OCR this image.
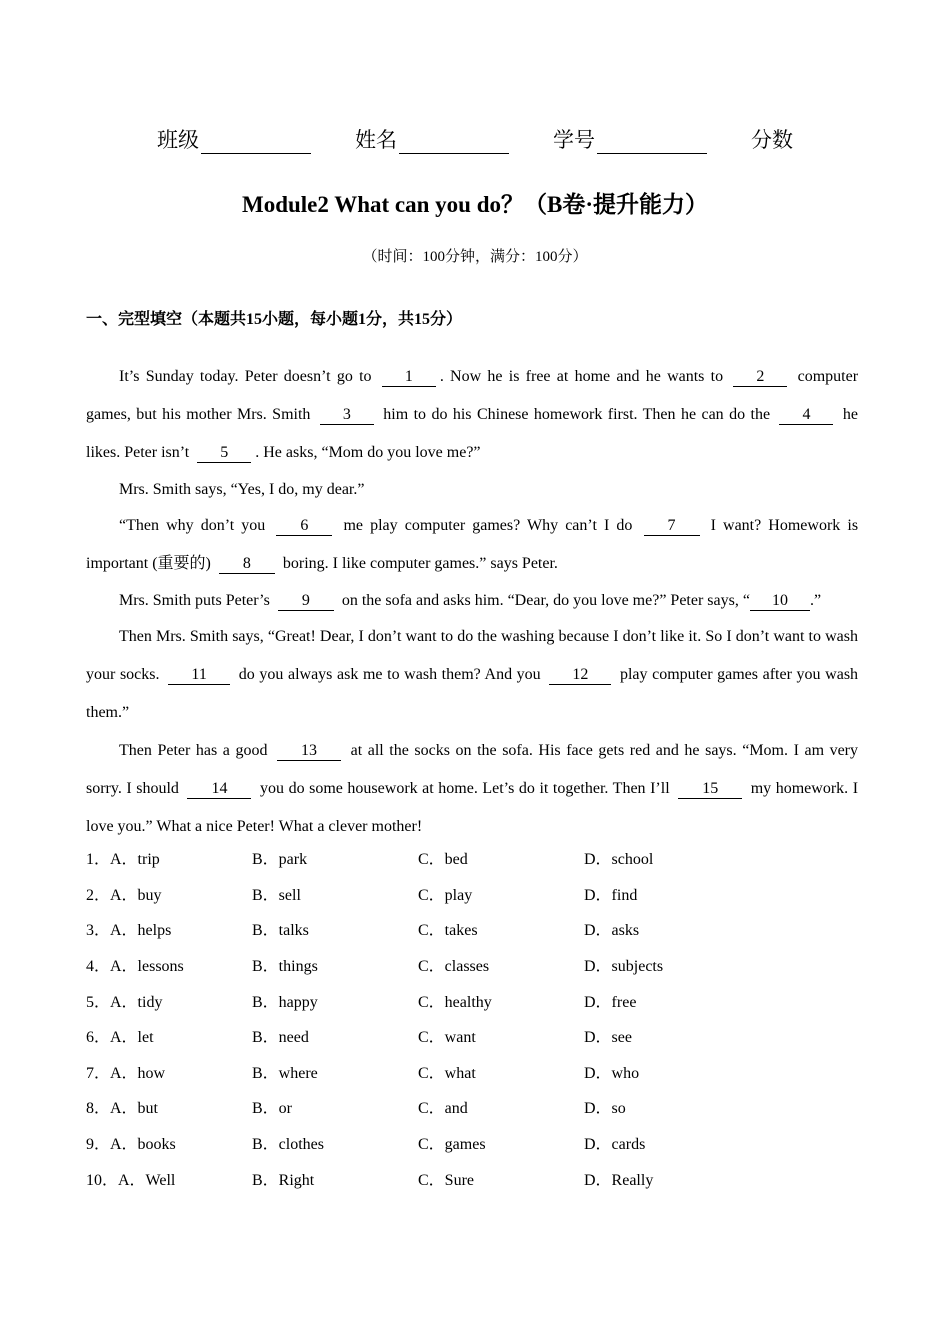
班级	姓名	学号	分数
Module2 What can you do？（B卷·提升能力）
（时间：100分钟，满分：100分）
一、完型填空（本题共15小题，每小题1分，共15分）

It’s Sunday today. Peter doesn’t go to 1 . Now he is free at home and he wants to 2 computer games, but his mother Mrs. Smith 3 him to do his Chinese homework first. Then he can do the 4 he likes. Peter isn’t 5 . He asks, “Mom do you love me?”

Mrs. Smith says, “Yes, I do, my dear.”

“Then why don’t you 6 me play computer games? Why can’t I do 7 I want? Homework is important (重要的) 8 boring. I like computer games.” says Peter.

Mrs. Smith puts Peter’s 9 on the sofa and asks him. “Dear, do you love me?” Peter says, “ 10 .”

Then Mrs. Smith says, “Great! Dear, I don’t want to do the washing because I don’t like it. So I don’t want to wash your socks. 11 do you always ask me to wash them? And you 12 play computer games after you wash them.”

Then Peter has a good 13 at all the socks on the sofa. His face gets red and he says. “Mom. I am very sorry. I should 14 you do some housework at home. Let’s do it together. Then I’ll 15 my homework. I love you.” What a nice Peter! What a clever mother!

1．A．trip	B．park	C．bed	D．school
2．A．buy	B．sell	C．play	D．find
3．A．helps	B．talks	C．takes	D．asks
4．A．lessons	B．things	C．classes	D．subjects
5．A．tidy	B．happy	C．healthy	D．free
6．A．let	B．need	C．want	D．see
7．A．how	B．where	C．what	D．who
8．A．but	B．or	C．and	D．so
9．A．books	B．clothes	C．games	D．cards
10．A．Well	B．Right	C．Sure	D．Really
